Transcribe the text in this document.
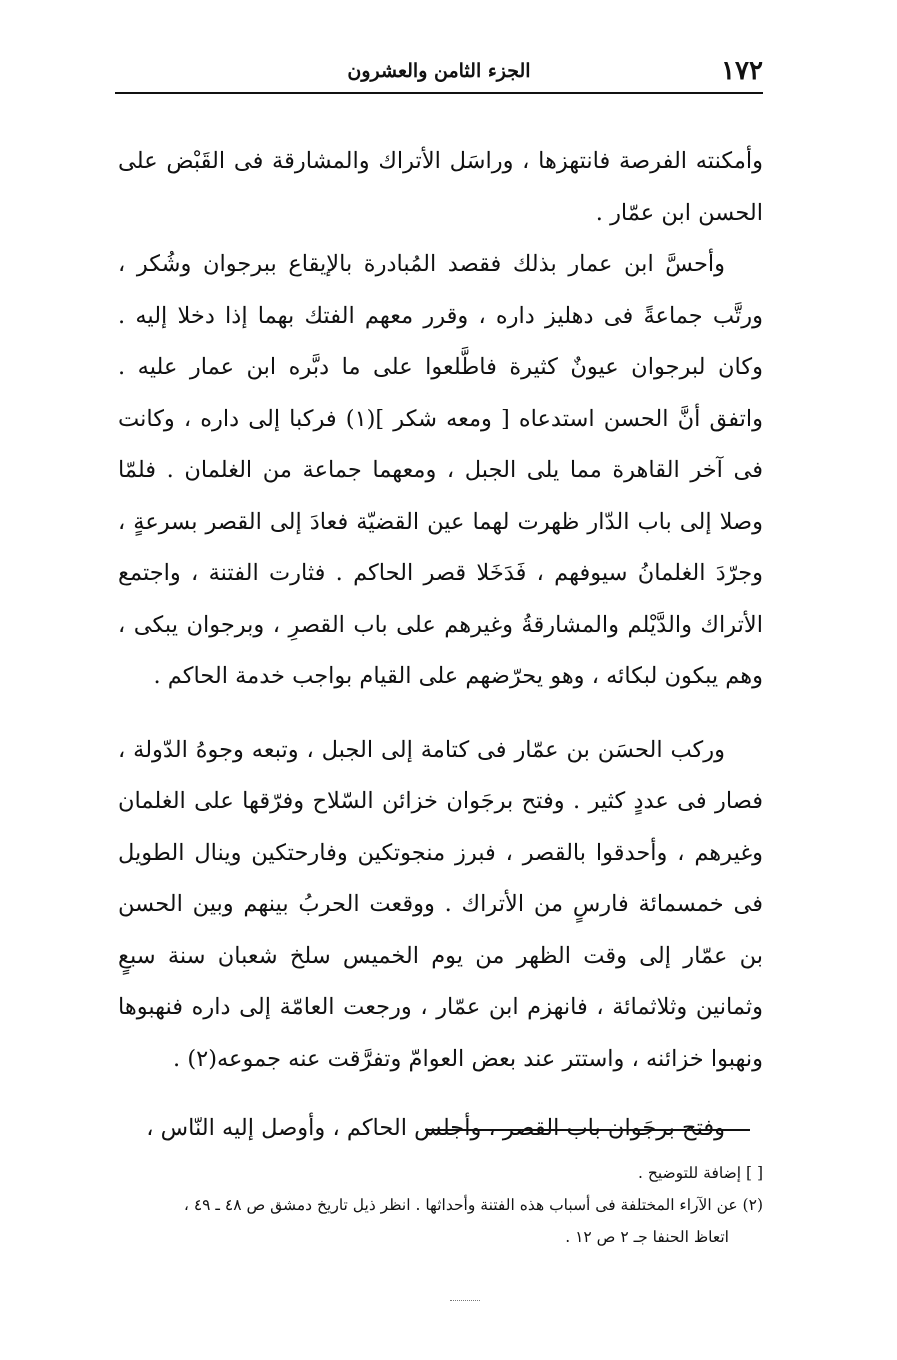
١٧٢
الجزء الثامن والعشرون

وأمكنته الفرصة فانتهزها ، وراسَل الأتراك والمشارقة فى القَبْض على الحسن ابن عمّار .

وأحسَّ ابن عمار بذلك فقصد المُبادرة بالإيقاع ببرجوان وشُكر ، ورتَّب جماعةً فى دهليز داره ، وقرر معهم الفتك بهما إذا دخلا إليه . وكان لبرجوان عيونٌ كثيرة فاطَّلعوا على ما دبَّره ابن عمار عليه . واتفق أنَّ الحسن استدعاه [ ومعه شكر ](١) فركبا إلى داره ، وكانت فى آخر القاهرة مما يلى الجبل ، ومعهما جماعة من الغلمان . فلمّا وصلا إلى باب الدّار ظهرت لهما عين القضيّة فعادَ إلى القصر بسرعةٍ ، وجرّدَ الغلمانُ سيوفهم ، فَدَخَلا قصر الحاكم . فثارت الفتنة ، واجتمع الأتراك والدَّيْلم والمشارقةُ وغيرهم على باب القصرِ ، وبرجوان يبكى ، وهم يبكون لبكائه ، وهو يحرّضهم على القيام بواجب خدمة الحاكم .

وركب الحسَن بن عمّار فى كتامة إلى الجبل ، وتبعه وجوهُ الدّولة ، فصار فى عددٍ كثير . وفتح برجَوان خزائن السّلاح وفرّقها على الغلمان وغيرهم ، وأحدقوا بالقصر ، فبرز منجوتكين وفارحتكين وينال الطويل فى خمسمائة فارسٍ من الأتراك . ووقعت الحربُ بينهم وبين الحسن بن عمّار إلى وقت الظهر من يوم الخميس سلخ شعبان سنة سبعٍ وثمانين وثلاثمائة ، فانهزم ابن عمّار ، ورجعت العامّة إلى داره فنهبوها ونهبوا خزائنه ، واستتر عند بعض العوامّ وتفرَّقت عنه جموعه(٢) .

وفتح برجَوان باب القصر ، وأجلس الحاكم ، وأوصل إليه النّاس ،

[ ] إضافة للتوضيح .

(٢) عن الآراء المختلفة فى أسباب هذه الفتنة وأحداثها . انظر ذيل تاريخ دمشق ص ٤٨ ـ ٤٩ ،

اتعاظ الحنفا جـ ٢ ص ١٢ .
